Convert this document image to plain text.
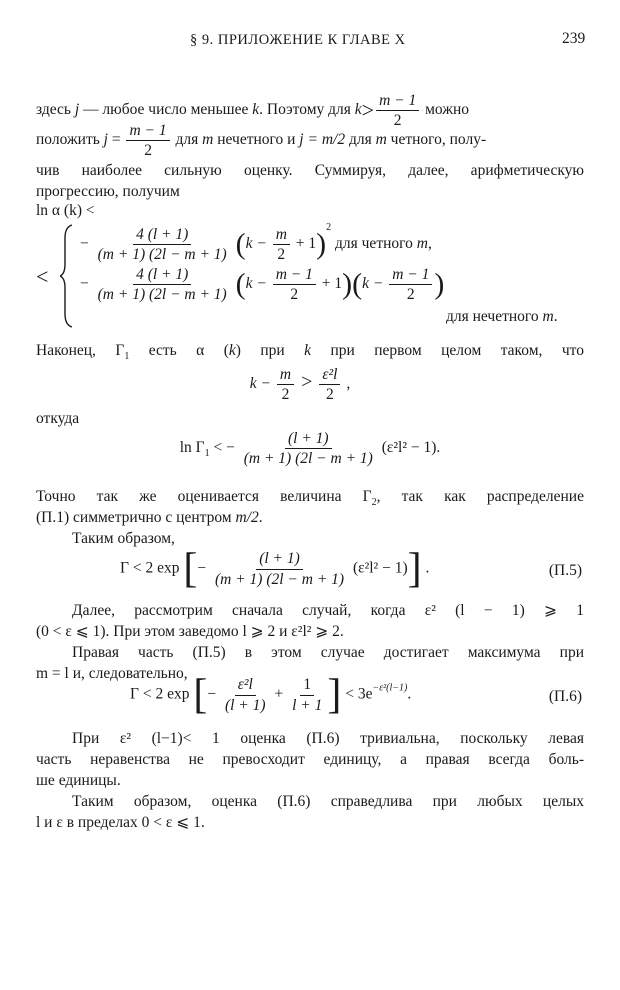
§ 9. ПРИЛОЖЕНИЕ К ГЛАВЕ X	239
здесь j — любое число меньшее k. Поэтому для $k> \frac{m - 1}{2}$ можно
положить $j = \frac{m - 1}{2}$ для m нечетного и j = m/2 для m четного, полу-
чив наиболее сильную оценку. Суммируя, далее, арифметическую
прогрессию, получим
ln α (k) <
<
− $\frac{4 (l + 1)}{(m + 1) (2l - m + 1)} (k - \frac{m}{2} + 1)^2$ для четного m,
− $\frac{4 (l + 1)}{(m + 1) (2l - m + 1)} (k - \frac{m - 1}{2} + 1)(k - \frac{m - 1}{2}$ )
для нечетного m.
Наконец, $\Gamma_1$ есть α (k) при k при первом целом таком, что
$k - \frac{m}{2} > \frac{\text{ε²l}}{2}$ ,
откуда
$\ln \Gamma_1$ < − $\frac{(l + 1)}{(m + 1) (2l - m + 1)} (\varepsilon^2l^2 - 1)$.
Точно так же оценивается величина $\Gamma_2$, так как распределение
(П.1) симметрично с центром m/2.
Таким образом,
Γ < 2 exp [− $\frac{(l + 1)}{(m + 1) (2l - m + 1)} (\varepsilon^2l^2 - 1)$] .	(П.5)
Далее, рассмотрим сначала случай, когда ε² (l − 1) ⩾ 1
(0 < ε ⩽ 1). При этом заведомо l ⩾ 2 и ε²l² ⩾ 2.
Правая часть (П.5) в этом случае достигает максимума при
m = l и, следовательно,
Γ < 2 exp [− $\frac{\text{ε²l}}{(l + 1)} + \frac{1}{l + 1}$ ] < $3e^{-\varepsilon^2(l-1)}$.	(П.6)
При ε² (l−1)< 1 оценка (П.6) тривиальна, поскольку левая
часть неравенства не превосходит единицу, а правая всегда боль-
ше единицы.
Таким образом, оценка (П.6) справедлива при любых целых
l и ε в пределах 0 < ε ⩽ 1.
